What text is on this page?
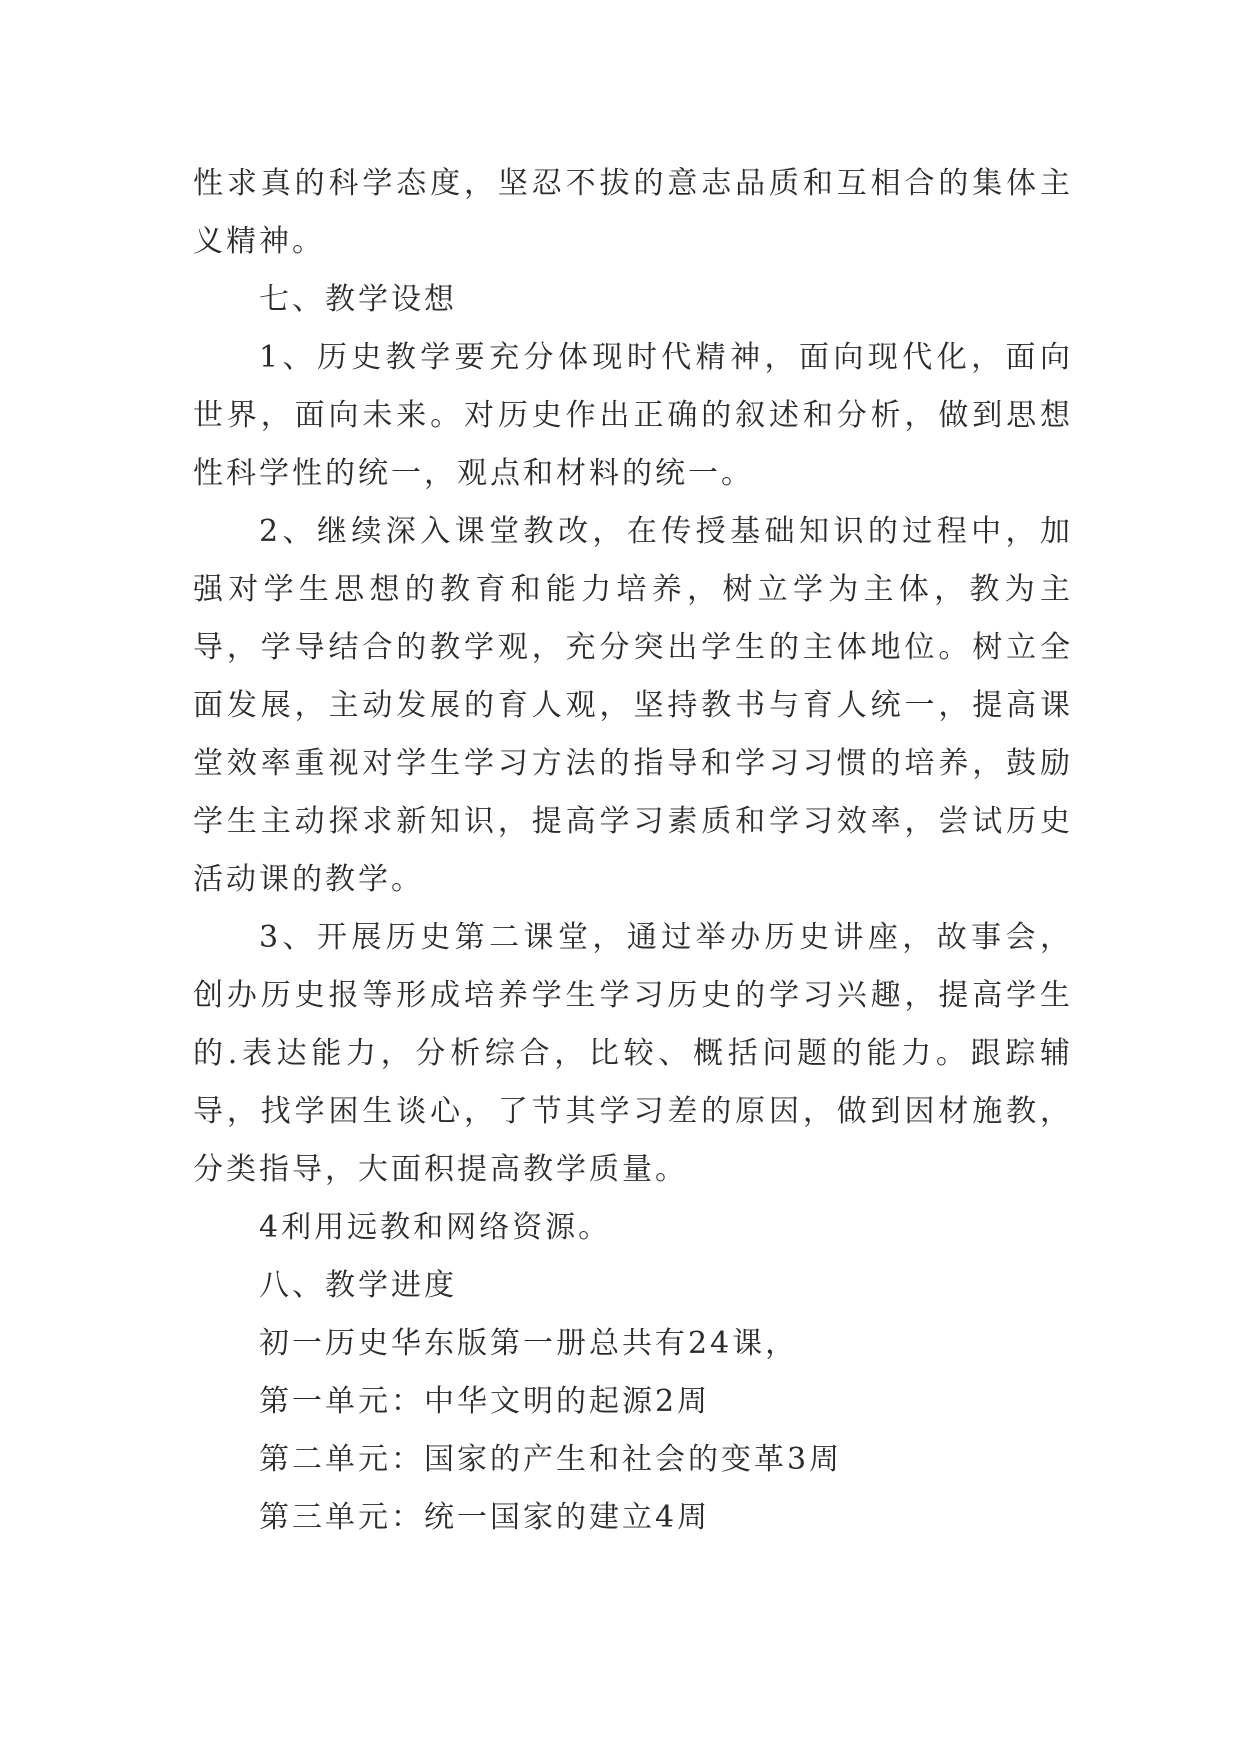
性求真的科学态度，坚忍不拔的意志品质和互相合的集体主义精神。

七、教学设想

1、历史教学要充分体现时代精神，面向现代化，面向世界，面向未来。对历史作出正确的叙述和分析，做到思想性科学性的统一，观点和材料的统一。

2、继续深入课堂教改，在传授基础知识的过程中，加强对学生思想的教育和能力培养，树立学为主体，教为主导，学导结合的教学观，充分突出学生的主体地位。树立全面发展，主动发展的育人观，坚持教书与育人统一，提高课堂效率重视对学生学习方法的指导和学习习惯的培养，鼓励学生主动探求新知识，提高学习素质和学习效率，尝试历史活动课的教学。

3、开展历史第二课堂，通过举办历史讲座，故事会，创办历史报等形成培养学生学习历史的学习兴趣，提高学生的.表达能力，分析综合，比较、概括问题的能力。跟踪辅导，找学困生谈心，了节其学习差的原因，做到因材施教，分类指导，大面积提高教学质量。

4利用远教和网络资源。

八、教学进度

初一历史华东版第一册总共有24课，

第一单元：中华文明的起源2周

第二单元：国家的产生和社会的变革3周

第三单元：统一国家的建立4周
